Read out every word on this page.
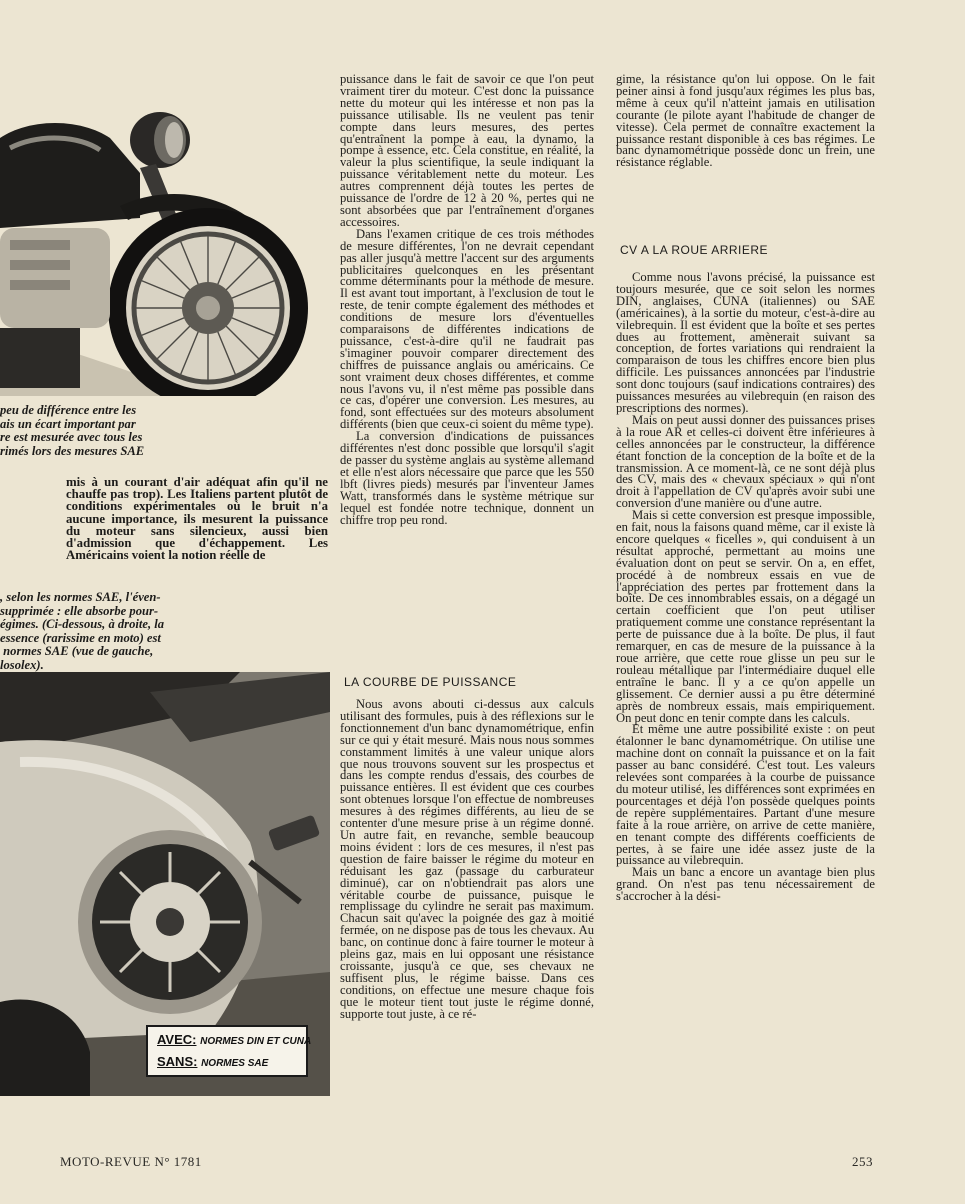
peu de différence entre les
ais un écart important par
re est mesurée avec tous les
rimés lors des mesures SAE

mis à un courant d'air adéquat afin qu'il ne chauffe pas trop). Les Italiens partent plutôt de conditions expérimentales où le bruit n'a aucune importance, ils mesurent la puissance du moteur sans silencieux, aussi bien d'admission que d'échappement. Les Américains voient la notion réelle de

, selon les normes SAE, l'éven-
supprimée : elle absorbe pour-
égimes. (Ci-dessous, à droite, la
essence (rarissime en moto) est
normes SAE (vue de gauche,
losolex).
AVEC: NORMES DIN ET CUNA
SANS: NORMES SAE

puissance dans le fait de savoir ce que l'on peut vraiment tirer du moteur. C'est donc la puissance nette du moteur qui les intéresse et non pas la puissance utilisable. Ils ne veulent pas tenir compte dans leurs mesures, des pertes qu'entraînent la pompe à eau, la dynamo, la pompe à essence, etc. Cela constitue, en réalité, la valeur la plus scientifique, la seule indiquant la puissance véritablement nette du moteur. Les autres comprennent déjà toutes les pertes de puissance de l'ordre de 12 à 20 %, pertes qui ne sont absorbées que par l'entraînement d'organes accessoires.

Dans l'examen critique de ces trois méthodes de mesure différentes, l'on ne devrait cependant pas aller jusqu'à mettre l'accent sur des arguments publicitaires quelconques en les présentant comme déterminants pour la méthode de mesure. Il est avant tout important, à l'exclusion de tout le reste, de tenir compte également des méthodes et conditions de mesure lors d'éventuelles comparaisons de différentes indications de puissance, c'est-à-dire qu'il ne faudrait pas s'imaginer pouvoir comparer directement des chiffres de puissance anglais ou américains. Ce sont vraiment deux choses différentes, et comme nous l'avons vu, il n'est même pas possible dans ce cas, d'opérer une conversion. Les mesures, au fond, sont effectuées sur des moteurs absolument différents (bien que ceux-ci soient du même type).

La conversion d'indications de puissances différentes n'est donc possible que lorsqu'il s'agit de passer du système anglais au système allemand et elle n'est alors nécessaire que parce que les 550 lbft (livres pieds) mesurés par l'inventeur James Watt, transformés dans le système métrique sur lequel est fondée notre technique, donnent un chiffre trop peu rond.

LA COURBE DE PUISSANCE

Nous avons abouti ci-dessus aux calculs utilisant des formules, puis à des réflexions sur le fonctionnement d'un banc dynamométrique, enfin sur ce qui y était mesuré. Mais nous nous sommes constamment limités à une valeur unique alors que nous trouvons souvent sur les prospectus et dans les compte rendus d'essais, des courbes de puissance entières. Il est évident que ces courbes sont obtenues lorsque l'on effectue de nombreuses mesures à des régimes différents, au lieu de se contenter d'une mesure prise à un régime donné. Un autre fait, en revanche, semble beaucoup moins évident : lors de ces mesures, il n'est pas question de faire baisser le régime du moteur en réduisant les gaz (passage du carburateur diminué), car on n'obtiendrait pas alors une véritable courbe de puissance, puisque le remplissage du cylindre ne serait pas maximum. Chacun sait qu'avec la poignée des gaz à moitié fermée, on ne dispose pas de tous les chevaux. Au banc, on continue donc à faire tourner le moteur à pleins gaz, mais en lui opposant une résistance croissante, jusqu'à ce que, ses chevaux ne suffisent plus, le régime baisse. Dans ces conditions, on effectue une mesure chaque fois que le moteur tient tout juste le régime donné, supporte tout juste, à ce ré-

gime, la résistance qu'on lui oppose. On le fait peiner ainsi à fond jusqu'aux régimes les plus bas, même à ceux qu'il n'atteint jamais en utilisation courante (le pilote ayant l'habitude de changer de vitesse). Cela permet de connaître exactement la puissance restant disponible à ces bas régimes. Le banc dynamométrique possède donc un frein, une résistance réglable.

CV A LA ROUE ARRIERE

Comme nous l'avons précisé, la puissance est toujours mesurée, que ce soit selon les normes DIN, anglaises, CUNA (italiennes) ou SAE (américaines), à la sortie du moteur, c'est-à-dire au vilebrequin. Il est évident que la boîte et ses pertes dues au frottement, amènerait suivant sa conception, de fortes variations qui rendraient la comparaison de tous les chiffres encore bien plus difficile. Les puissances annoncées par l'industrie sont donc toujours (sauf indications contraires) des puissances mesurées au vilebrequin (en raison des prescriptions des normes).

Mais on peut aussi donner des puissances prises à la roue AR et celles-ci doivent être inférieures à celles annoncées par le constructeur, la différence étant fonction de la conception de la boîte et de la transmission. A ce moment-là, ce ne sont déjà plus des CV, mais des « chevaux spéciaux » qui n'ont droit à l'appellation de CV qu'après avoir subi une conversion d'une manière ou d'une autre.

Mais si cette conversion est presque impossible, en fait, nous la faisons quand même, car il existe là encore quelques « ficelles », qui conduisent à un résultat approché, permettant au moins une évaluation dont on peut se servir. On a, en effet, procédé à de nombreux essais en vue de l'appréciation des pertes par frottement dans la boîte. De ces innombrables essais, on a dégagé un certain coefficient que l'on peut utiliser pratiquement comme une constance représentant la perte de puissance due à la boîte. De plus, il faut remarquer, en cas de mesure de la puissance à la roue arrière, que cette roue glisse un peu sur le rouleau métallique par l'intermédiaire duquel elle entraîne le banc. Il y a ce qu'on appelle un glissement. Ce dernier aussi a pu être déterminé après de nombreux essais, mais empiriquement. On peut donc en tenir compte dans les calculs.

Et même une autre possibilité existe : on peut étalonner le banc dynamométrique. On utilise une machine dont on connaît la puissance et on la fait passer au banc considéré. C'est tout. Les valeurs relevées sont comparées à la courbe de puissance du moteur utilisé, les différences sont exprimées en pourcentages et déjà l'on possède quelques points de repère supplémentaires. Partant d'une mesure faite à la roue arrière, on arrive de cette manière, en tenant compte des différents coefficients de pertes, à se faire une idée assez juste de la puissance au vilebrequin.

Mais un banc a encore un avantage bien plus grand. On n'est pas tenu nécessairement de s'accrocher à la dési-

MOTO-REVUE N° 1781	253
